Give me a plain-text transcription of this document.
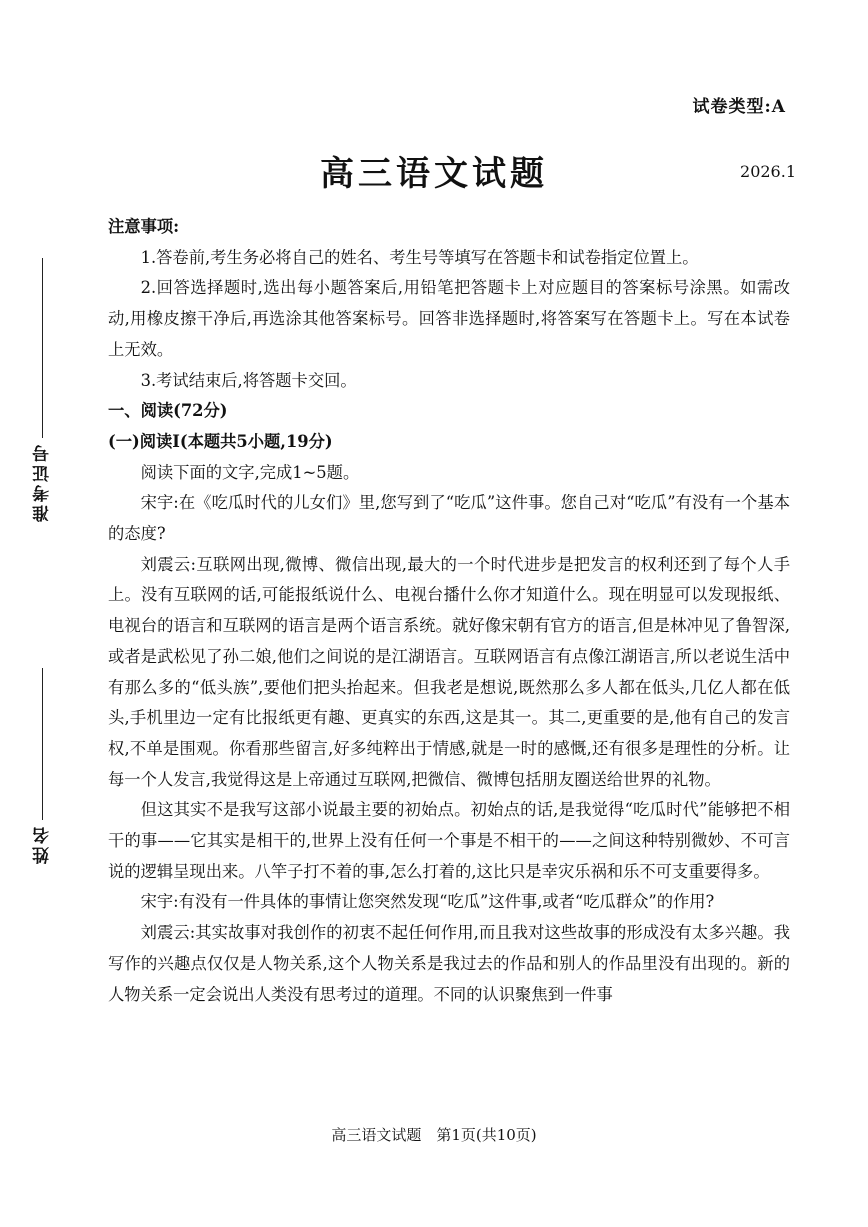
试卷类型:A
高三语文试题	2026.1
准考证号
姓名

注意事项:

1.答卷前,考生务必将自己的姓名、考生号等填写在答题卡和试卷指定位置上。

2.回答选择题时,选出每小题答案后,用铅笔把答题卡上对应题目的答案标号涂黑。如需改动,用橡皮擦干净后,再选涂其他答案标号。回答非选择题时,将答案写在答题卡上。写在本试卷上无效。

3.考试结束后,将答题卡交回。

一、阅读(72分)

(一)阅读Ⅰ(本题共5小题,19分)

阅读下面的文字,完成1~5题。

宋宇:在《吃瓜时代的儿女们》里,您写到了“吃瓜”这件事。您自己对“吃瓜”有没有一个基本的态度?

刘震云:互联网出现,微博、微信出现,最大的一个时代进步是把发言的权利还到了每个人手上。没有互联网的话,可能报纸说什么、电视台播什么你才知道什么。现在明显可以发现报纸、电视台的语言和互联网的语言是两个语言系统。就好像宋朝有官方的语言,但是林冲见了鲁智深,或者是武松见了孙二娘,他们之间说的是江湖语言。互联网语言有点像江湖语言,所以老说生活中有那么多的“低头族”,要他们把头抬起来。但我老是想说,既然那么多人都在低头,几亿人都在低头,手机里边一定有比报纸更有趣、更真实的东西,这是其一。其二,更重要的是,他有自己的发言权,不单是围观。你看那些留言,好多纯粹出于情感,就是一时的感慨,还有很多是理性的分析。让每一个人发言,我觉得这是上帝通过互联网,把微信、微博包括朋友圈送给世界的礼物。

但这其实不是我写这部小说最主要的初始点。初始点的话,是我觉得“吃瓜时代”能够把不相干的事——它其实是相干的,世界上没有任何一个事是不相干的——之间这种特别微妙、不可言说的逻辑呈现出来。八竿子打不着的事,怎么打着的,这比只是幸灾乐祸和乐不可支重要得多。

宋宇:有没有一件具体的事情让您突然发现“吃瓜”这件事,或者“吃瓜群众”的作用?

刘震云:其实故事对我创作的初衷不起任何作用,而且我对这些故事的形成没有太多兴趣。我写作的兴趣点仅仅是人物关系,这个人物关系是我过去的作品和别人的作品里没有出现的。新的人物关系一定会说出人类没有思考过的道理。不同的认识聚焦到一件事

高三语文试题　第1页(共10页)
